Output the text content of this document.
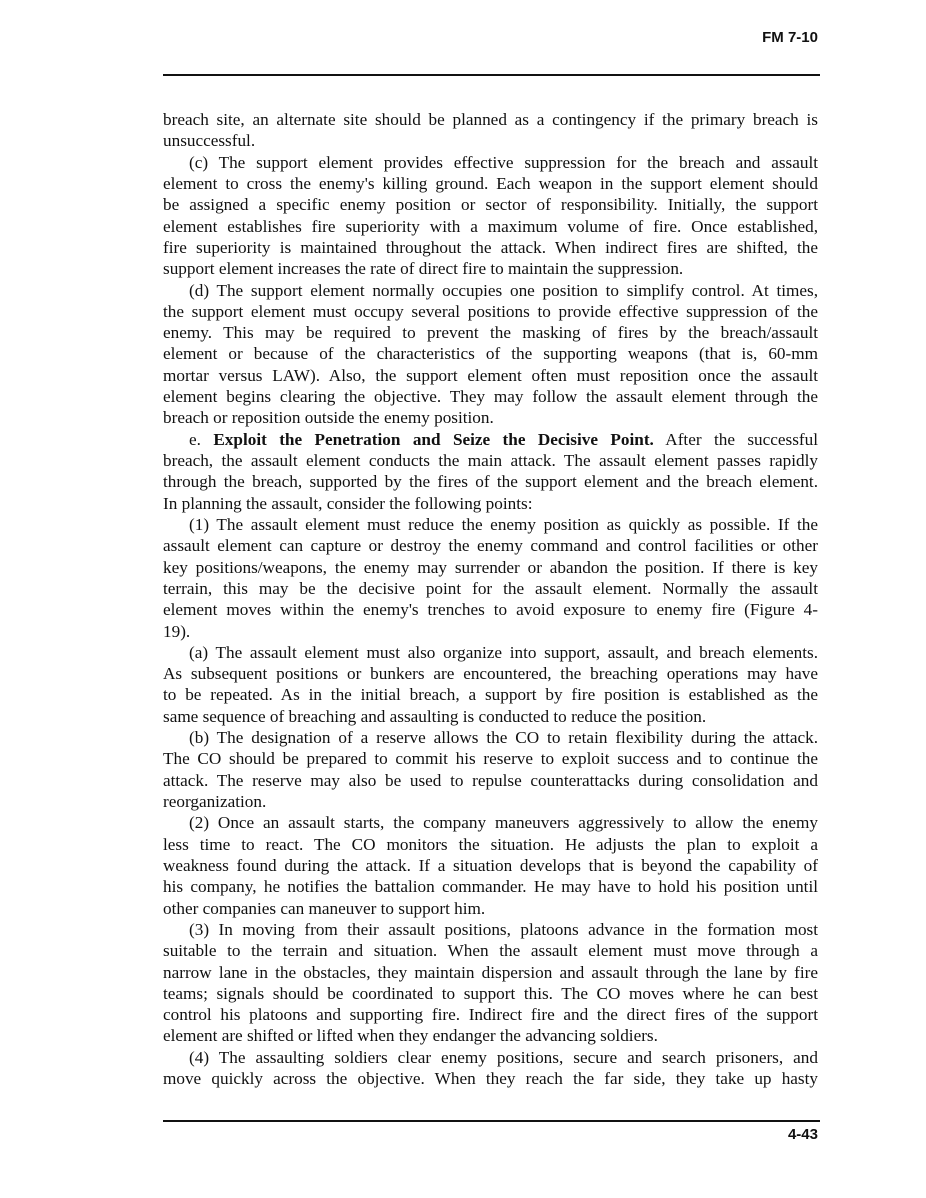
FM 7-10
breach site, an alternate site should be planned as a contingency if the primary breach is
unsuccessful.
(c) The support element provides effective suppression for the breach and assault
element to cross the enemy's killing ground. Each weapon in the support element should
be assigned a specific enemy position or sector of responsibility. Initially, the support
element establishes fire superiority with a maximum volume of fire. Once established,
fire superiority is maintained throughout the attack. When indirect fires are shifted, the
support element increases the rate of direct fire to maintain the suppression.
(d) The support element normally occupies one position to simplify control. At times,
the support element must occupy several positions to provide effective suppression of the
enemy. This may be required to prevent the masking of fires by the breach/assault
element or because of the characteristics of the supporting weapons (that is, 60-mm
mortar versus LAW). Also, the support element often must reposition once the assault
element begins clearing the objective. They may follow the assault element through the
breach or reposition outside the enemy position.
e. Exploit the Penetration and Seize the Decisive Point. After the successful
breach, the assault element conducts the main attack. The assault element passes rapidly
through the breach, supported by the fires of the support element and the breach element.
In planning the assault, consider the following points:
(1) The assault element must reduce the enemy position as quickly as possible. If the
assault element can capture or destroy the enemy command and control facilities or other
key positions/weapons, the enemy may surrender or abandon the position. If there is key
terrain, this may be the decisive point for the assault element. Normally the assault
element moves within the enemy's trenches to avoid exposure to enemy fire (Figure 4-
19).
(a) The assault element must also organize into support, assault, and breach elements.
As subsequent positions or bunkers are encountered, the breaching operations may have
to be repeated. As in the initial breach, a support by fire position is established as the
same sequence of breaching and assaulting is conducted to reduce the position.
(b) The designation of a reserve allows the CO to retain flexibility during the attack.
The CO should be prepared to commit his reserve to exploit success and to continue the
attack. The reserve may also be used to repulse counterattacks during consolidation and
reorganization.
(2) Once an assault starts, the company maneuvers aggressively to allow the enemy
less time to react. The CO monitors the situation. He adjusts the plan to exploit a
weakness found during the attack. If a situation develops that is beyond the capability of
his company, he notifies the battalion commander. He may have to hold his position until
other companies can maneuver to support him.
(3) In moving from their assault positions, platoons advance in the formation most
suitable to the terrain and situation. When the assault element must move through a
narrow lane in the obstacles, they maintain dispersion and assault through the lane by fire
teams; signals should be coordinated to support this. The CO moves where he can best
control his platoons and supporting fire. Indirect fire and the direct fires of the support
element are shifted or lifted when they endanger the advancing soldiers.
(4) The assaulting soldiers clear enemy positions, secure and search prisoners, and
move quickly across the objective. When they reach the far side, they take up hasty
4-43
